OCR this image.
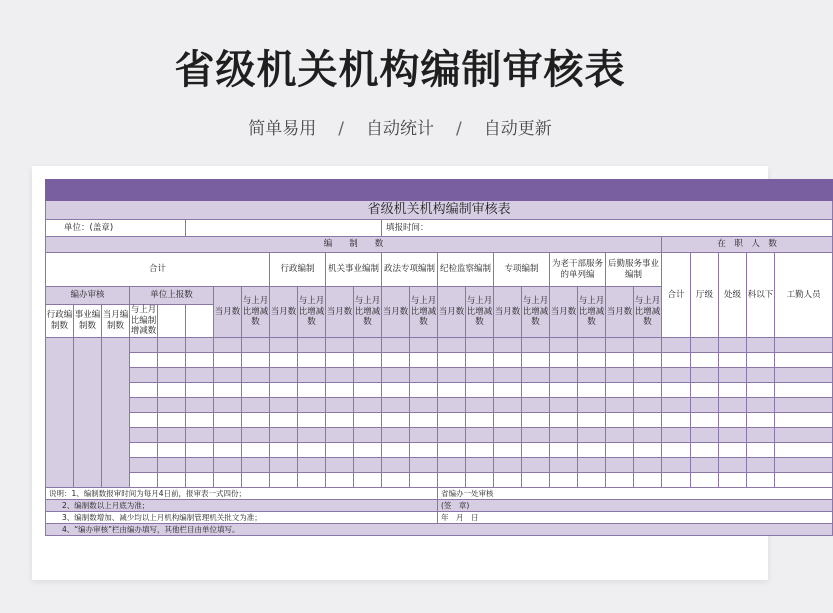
省级机关机构编制审核表
简单易用 / 自动统计 / 自动更新

省级机关机构编制审核表																											
单位：(盖章)												填报时间：															
编　　制　　数																						在　职　人　数					
合计								行政编制		机关事业编制		政法专项编制		纪检监察编制		专项编制		为老干部服务的单列编		后勤服务事业编制		合计	厅级	处级	科以下	工勤人员	
编办审核			单位上报数			当月数	与上月比增减数	当月数	与上月比增减数	当月数	与上月比增减数	当月数	与上月比增减数	当月数	与上月比增减数	当月数	与上月比增减数	当月数	与上月比增减数	当月数	与上月比增减数						
行政编制数	事业编制数	当月编制数	与上月比编制增减数																								

说明：1、编制数报审时间为每月4日前，报审表一式四份；														省编办一处审核													
2、编制数以上月底为准；														(签　章)													
3、编制数增加、减少均以上月机构编制管理机关批文为准；														年　月　日													
4、“编办审核”栏由编办填写，其他栏目由单位填写。																											
